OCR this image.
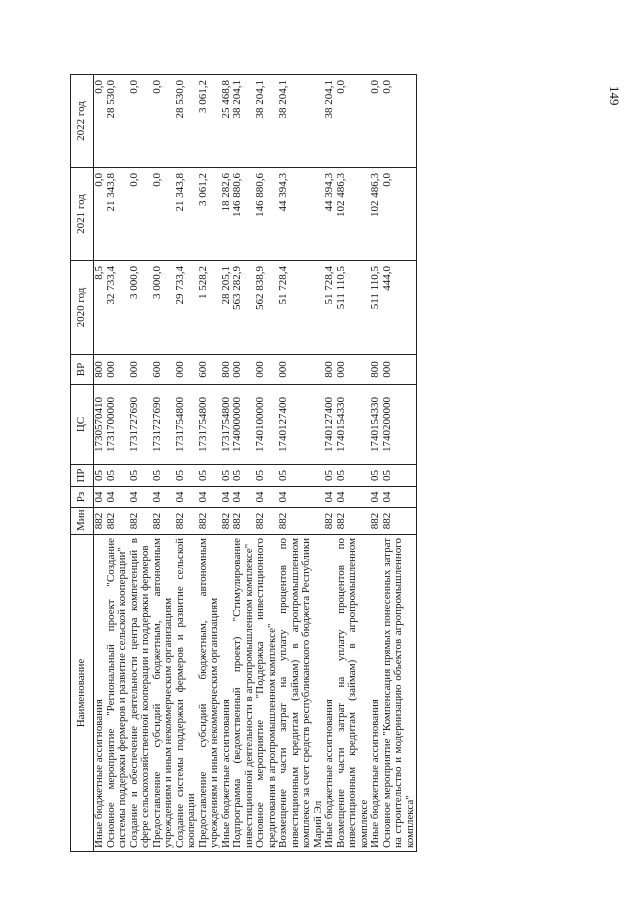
149
Наименование	Мин	Рз	ПР	ЦС	ВР	2020 год	2021 год	2022 год
Иные бюджетные ассигнования	882	04	05	1730570410	800	8,5	0,0	0,0
Основное мероприятие "Региональный проект "Создание системы поддержки фермеров и развитие сельской кооперации"	882	04	05	1731700000	000	32 733,4	21 343,8	28 530,0
Создание и обеспечение деятельности центра компетенций в сфере сельскохозяйственной кооперации и поддержки фермеров	882	04	05	1731727690	000	3 000,0	0,0	0,0
Предоставление субсидий бюджетным, автономным учреждениям и иным некоммерческим организациям	882	04	05	1731727690	600	3 000,0	0,0	0,0
Создание системы поддержки фермеров и развитие сельской кооперации	882	04	05	1731754800	000	29 733,4	21 343,8	28 530,0
Предоставление субсидий бюджетным, автономным учреждениям и иным некоммерческим организациям	882	04	05	1731754800	600	1 528,2	3 061,2	3 061,2
Иные бюджетные ассигнования	882	04	05	1731754800	800	28 205,1	18 282,6	25 468,8
Подпрограмма (ведомственный проект) "Стимулирование инвестиционной деятельности в агропромышленном комплексе"	882	04	05	1740000000	000	563 282,9	146 880,6	38 204,1
Основное мероприятие "Поддержка инвестиционного кредитования в агропромышленном комплексе"	882	04	05	1740100000	000	562 838,9	146 880,6	38 204,1
Возмещение части затрат на уплату процентов по инвестиционным кредитам (займам) в агропромышленном комплексе за счет средств республиканского бюджета Республики Марий Эл	882	04	05	1740127400	000	51 728,4	44 394,3	38 204,1
Иные бюджетные ассигнования	882	04	05	1740127400	800	51 728,4	44 394,3	38 204,1
Возмещение части затрат на уплату процентов по инвестиционным кредитам (займам) в агропромышленном комплексе	882	04	05	1740154330	000	511 110,5	102 486,3	0,0
Иные бюджетные ассигнования	882	04	05	1740154330	800	511 110,5	102 486,3	0,0
Основное мероприятие "Компенсация прямых понесенных затрат на строительство и модернизацию объектов агропромышленного комплекса"	882	04	05	1740200000	000	444,0	0,0	0,0
